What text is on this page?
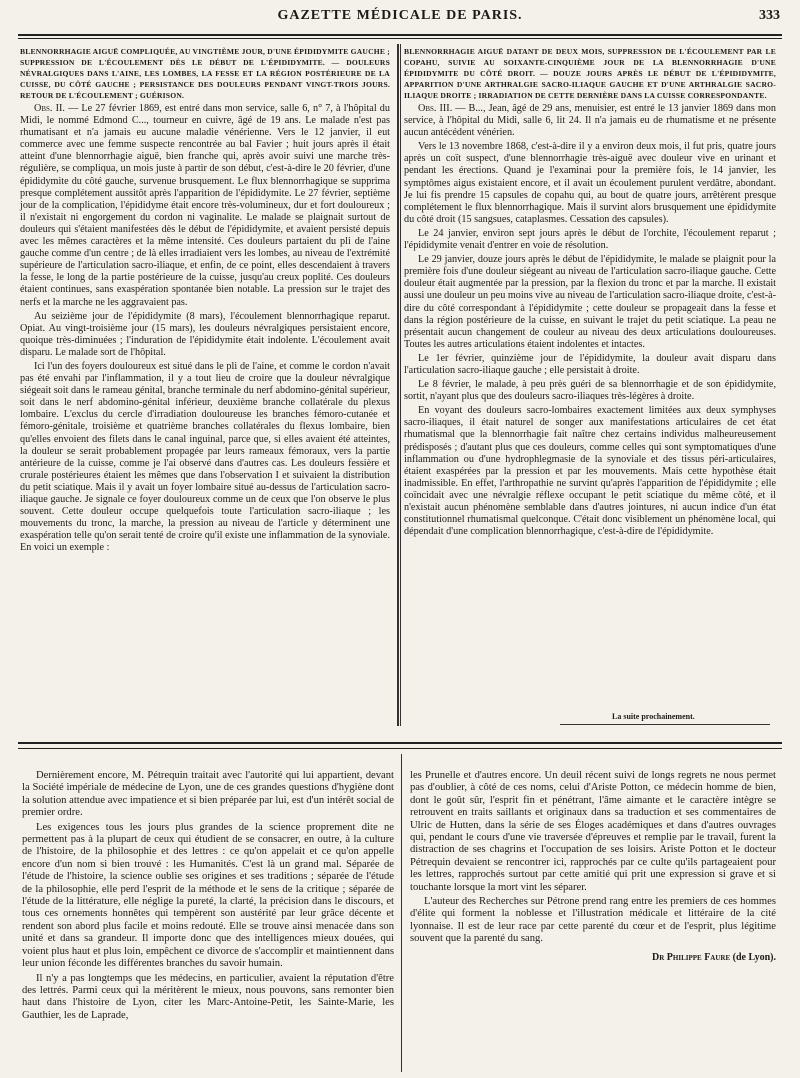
GAZETTE MÉDICALE DE PARIS.	333

BLENNORRHAGIE AIGUË COMPLIQUÉE, AU VINGTIÈME JOUR, D'UNE ÉPIDIDYMITE GAUCHE ; SUPPRESSION DE L'ÉCOULEMENT DÈS LE DÉBUT DE L'ÉPIDIDYMITE. — DOULEURS NÉVRALGIQUES DANS L'AINE, LES LOMBES, LA FESSE ET LA RÉGION POSTÉRIEURE DE LA CUISSE, DU CÔTÉ GAUCHE ; PERSISTANCE DES DOULEURS PENDANT VINGT-TROIS JOURS. RETOUR DE L'ÉCOULEMENT ; GUÉRISON.

Obs. II. — Le 27 février 1869, est entré dans mon service, salle 6, n° 7, à l'hôpital du Midi, le nommé Edmond C..., tourneur en cuivre, âgé de 19 ans. Le malade n'est pas rhumatisant et n'a jamais eu aucune maladie vénérienne. Vers le 12 janvier, il eut commerce avec une femme suspecte rencontrée au bal Favier ; huit jours après il était atteint d'une blennorrhagie aiguë, bien franche qui, après avoir suivi une marche très-régulière, se compliqua, un mois juste à partir de son début, c'est-à-dire le 20 février, d'une épididymite du côté gauche, survenue brusquement. Le flux blennorrhagique se supprima presque complétement aussitôt après l'apparition de l'épididymite. Le 27 février, septième jour de la complication, l'épididyme était encore très-volumineux, dur et fort douloureux ; il n'existait ni engorgement du cordon ni vaginalite. Le malade se plaignait surtout de douleurs qui s'étaient manifestées dès le début de l'épididymite, et avaient persisté depuis avec les mêmes caractères et la même intensité. Ces douleurs partaient du pli de l'aine gauche comme d'un centre ; de là elles irradiaient vers les lombes, au niveau de l'extrémité supérieure de l'articulation sacro-iliaque, et enfin, de ce point, elles descendaient à travers la fesse, le long de la partie postérieure de la cuisse, jusqu'au creux poplité. Ces douleurs étaient continues, sans exaspération spontanée bien notable. La pression sur le trajet des nerfs et la marche ne les aggravaient pas.

Au seizième jour de l'épididymite (8 mars), l'écoulement blennorrhagique reparut. Opiat. Au vingt-troisième jour (15 mars), les douleurs névralgiques persistaient encore, quoique très-diminuées ; l'induration de l'épididymite était indolente. L'écoulement avait disparu. Le malade sort de l'hôpital.

Ici l'un des foyers douloureux est situé dans le pli de l'aine, et comme le cordon n'avait pas été envahi par l'inflammation, il y a tout lieu de croire que la douleur névralgique siégeait soit dans le rameau génital, branche terminale du nerf abdomino-génital supérieur, soit dans le nerf abdomino-génital inférieur, deuxième branche collatérale du plexus lombaire. L'exclus du cercle d'irradiation douloureuse les branches fémoro-cutanée et fémoro-génitale, troisième et quatrième branches collatérales du flexus lombaire, bien qu'elles envoient des filets dans le canal inguinal, parce que, si elles avaient été atteintes, la douleur se serait probablement propagée par leurs rameaux fémoraux, vers la partie antérieure de la cuisse, comme je l'ai observé dans d'autres cas. Les douleurs fessière et crurale postérieures étaient les mêmes que dans l'observation I et suivaient la distribution du petit sciatique. Mais il y avait un foyer lombaire situé au-dessus de l'articulation sacro-iliaque gauche. Je signale ce foyer douloureux comme un de ceux que l'on observe le plus souvent. Cette douleur occupe quelquefois toute l'articulation sacro-iliaque ; les mouvements du tronc, la marche, la pression au niveau de l'article y déterminent une exaspération telle qu'on serait tenté de croire qu'il existe une inflammation de la synoviale. En voici un exemple :

BLENNORRHAGIE AIGUË DATANT DE DEUX MOIS, SUPPRESSION DE L'ÉCOULEMENT PAR LE COPAHU, SUIVIE AU SOIXANTE-CINQUIÈME JOUR DE LA BLENNORRHAGIE D'UNE ÉPIDIDYMITE DU CÔTÉ DROIT. — DOUZE JOURS APRÈS LE DÉBUT DE L'ÉPIDIDYMITE, APPARITION D'UNE ARTHRALGIE SACRO-ILIAQUE GAUCHE ET D'UNE ARTHRALGIE SACRO-ILIAQUE DROITE ; IRRADIATION DE CETTE DERNIÈRE DANS LA CUISSE CORRESPONDANTE.

Obs. III. — B..., Jean, âgé de 29 ans, menuisier, est entré le 13 janvier 1869 dans mon service, à l'hôpital du Midi, salle 6, lit 24. Il n'a jamais eu de rhumatisme et ne présente aucun antécédent vénérien.

Vers le 13 novembre 1868, c'est-à-dire il y a environ deux mois, il fut pris, quatre jours après un coït suspect, d'une blennorrhagie très-aiguë avec douleur vive en urinant et pendant les érections. Quand je l'examinai pour la première fois, le 14 janvier, les symptômes aigus existaient encore, et il avait un écoulement purulent verdâtre, abondant. Je lui fis prendre 15 capsules de copahu qui, au bout de quatre jours, arrêtèrent presque complétement le flux blennorrhagique. Mais il survint alors brusquement une épididymite du côté droit (15 sangsues, cataplasmes. Cessation des capsules).

Le 24 janvier, environ sept jours après le début de l'orchite, l'écoulement reparut ; l'épididymite venait d'entrer en voie de résolution.

Le 29 janvier, douze jours après le début de l'épididymite, le malade se plaignit pour la première fois d'une douleur siégeant au niveau de l'articulation sacro-iliaque gauche. Cette douleur était augmentée par la pression, par la flexion du tronc et par la marche. Il existait aussi une douleur un peu moins vive au niveau de l'articulation sacro-iliaque droite, c'est-à-dire du côté correspondant à l'épididymite ; cette douleur se propageait dans la fesse et dans la région postérieure de la cuisse, en suivant le trajet du petit sciatique. La peau ne présentait aucun changement de couleur au niveau des deux articulations douloureuses. Toutes les autres articulations étaient indolentes et intactes.

Le 1er février, quinzième jour de l'épididymite, la douleur avait disparu dans l'articulation sacro-iliaque gauche ; elle persistait à droite.

Le 8 février, le malade, à peu près guéri de sa blennorrhagie et de son épididymite, sortit, n'ayant plus que des douleurs sacro-iliaques très-légères à droite.

En voyant des douleurs sacro-lombaires exactement limitées aux deux symphyses sacro-iliaques, il était naturel de songer aux manifestations articulaires de cet état rhumatismal que la blennorrhagie fait naître chez certains individus malheureusement prédisposés ; d'autant plus que ces douleurs, comme celles qui sont symptomatiques d'une inflammation ou d'une hydrophlegmasie de la synoviale et des tissus péri-articulaires, étaient exaspérées par la pression et par les mouvements. Mais cette hypothèse était inadmissible. En effet, l'arthropathie ne survint qu'après l'apparition de l'épididymite ; elle coïncidait avec une névralgie réflexe occupant le petit sciatique du même côté, et il n'existait aucun phénomène semblable dans d'autres jointures, ni aucun indice d'un état constitutionnel rhumatismal quelconque. C'était donc visiblement un phénomène local, qui dépendait d'une complication blennorrhagique, c'est-à-dire de l'épididymite.

La suite prochainement.

Dernièrement encore, M. Pétrequin traitait avec l'autorité qui lui appartient, devant la Société impériale de médecine de Lyon, une de ces grandes questions d'hygiène dont la solution attendue avec impatience et si bien préparée par lui, est d'un intérêt social de premier ordre.

Les exigences tous les jours plus grandes de la science proprement dite ne permettent pas à la plupart de ceux qui étudient de se consacrer, en outre, à la culture de l'histoire, de la philosophie et des lettres : ce qu'on appelait et ce qu'on appelle encore d'un nom si bien trouvé : les Humanités. C'est là un grand mal. Séparée de l'étude de l'histoire, la science oublie ses origines et ses traditions ; séparée de l'étude de la philosophie, elle perd l'esprit de la méthode et le sens de la critique ; séparée de l'étude de la littérature, elle néglige la pureté, la clarté, la précision dans le discours, et tous ces ornements honnêtes qui tempèrent son austérité par leur grâce décente et rendent son abord plus facile et moins redouté. Elle se trouve ainsi menacée dans son unité et dans sa grandeur. Il importe donc que des intelligences mieux douées, qui voient plus haut et plus loin, empêchent ce divorce de s'accomplir et maintiennent dans leur union féconde les différentes branches du savoir humain.

Il n'y a pas longtemps que les médecins, en particulier, avaient la réputation d'être des lettrés. Parmi ceux qui la méritèrent le mieux, nous pouvons, sans remonter bien haut dans l'histoire de Lyon, citer les Marc-Antoine-Petit, les Sainte-Marie, les Gauthier, les de Laprade,

les Prunelle et d'autres encore. Un deuil récent suivi de longs regrets ne nous permet pas d'oublier, à côté de ces noms, celui d'Ariste Potton, ce médecin homme de bien, dont le goût sûr, l'esprit fin et pénétrant, l'âme aimante et le caractère intègre se retrouvent en traits saillants et originaux dans sa traduction et ses commentaires de Ulric de Hutten, dans la série de ses Éloges académiques et dans d'autres ouvrages qui, pendant le cours d'une vie traversée d'épreuves et remplie par le travail, furent la distraction de ses chagrins et l'occupation de ses loisirs. Ariste Potton et le docteur Pétrequin devaient se rencontrer ici, rapprochés par ce culte qu'ils partageaient pour les lettres, rapprochés surtout par cette amitié qui prit une expression si grave et si touchante lorsque la mort vint les séparer.

L'auteur des Recherches sur Pétrone prend rang entre les premiers de ces hommes d'élite qui forment la noblesse et l'illustration médicale et littéraire de la cité lyonnaise. Il est de leur race par cette parenté du cœur et de l'esprit, plus légitime souvent que la parenté du sang.

Dr Philippe Faure (de Lyon).
